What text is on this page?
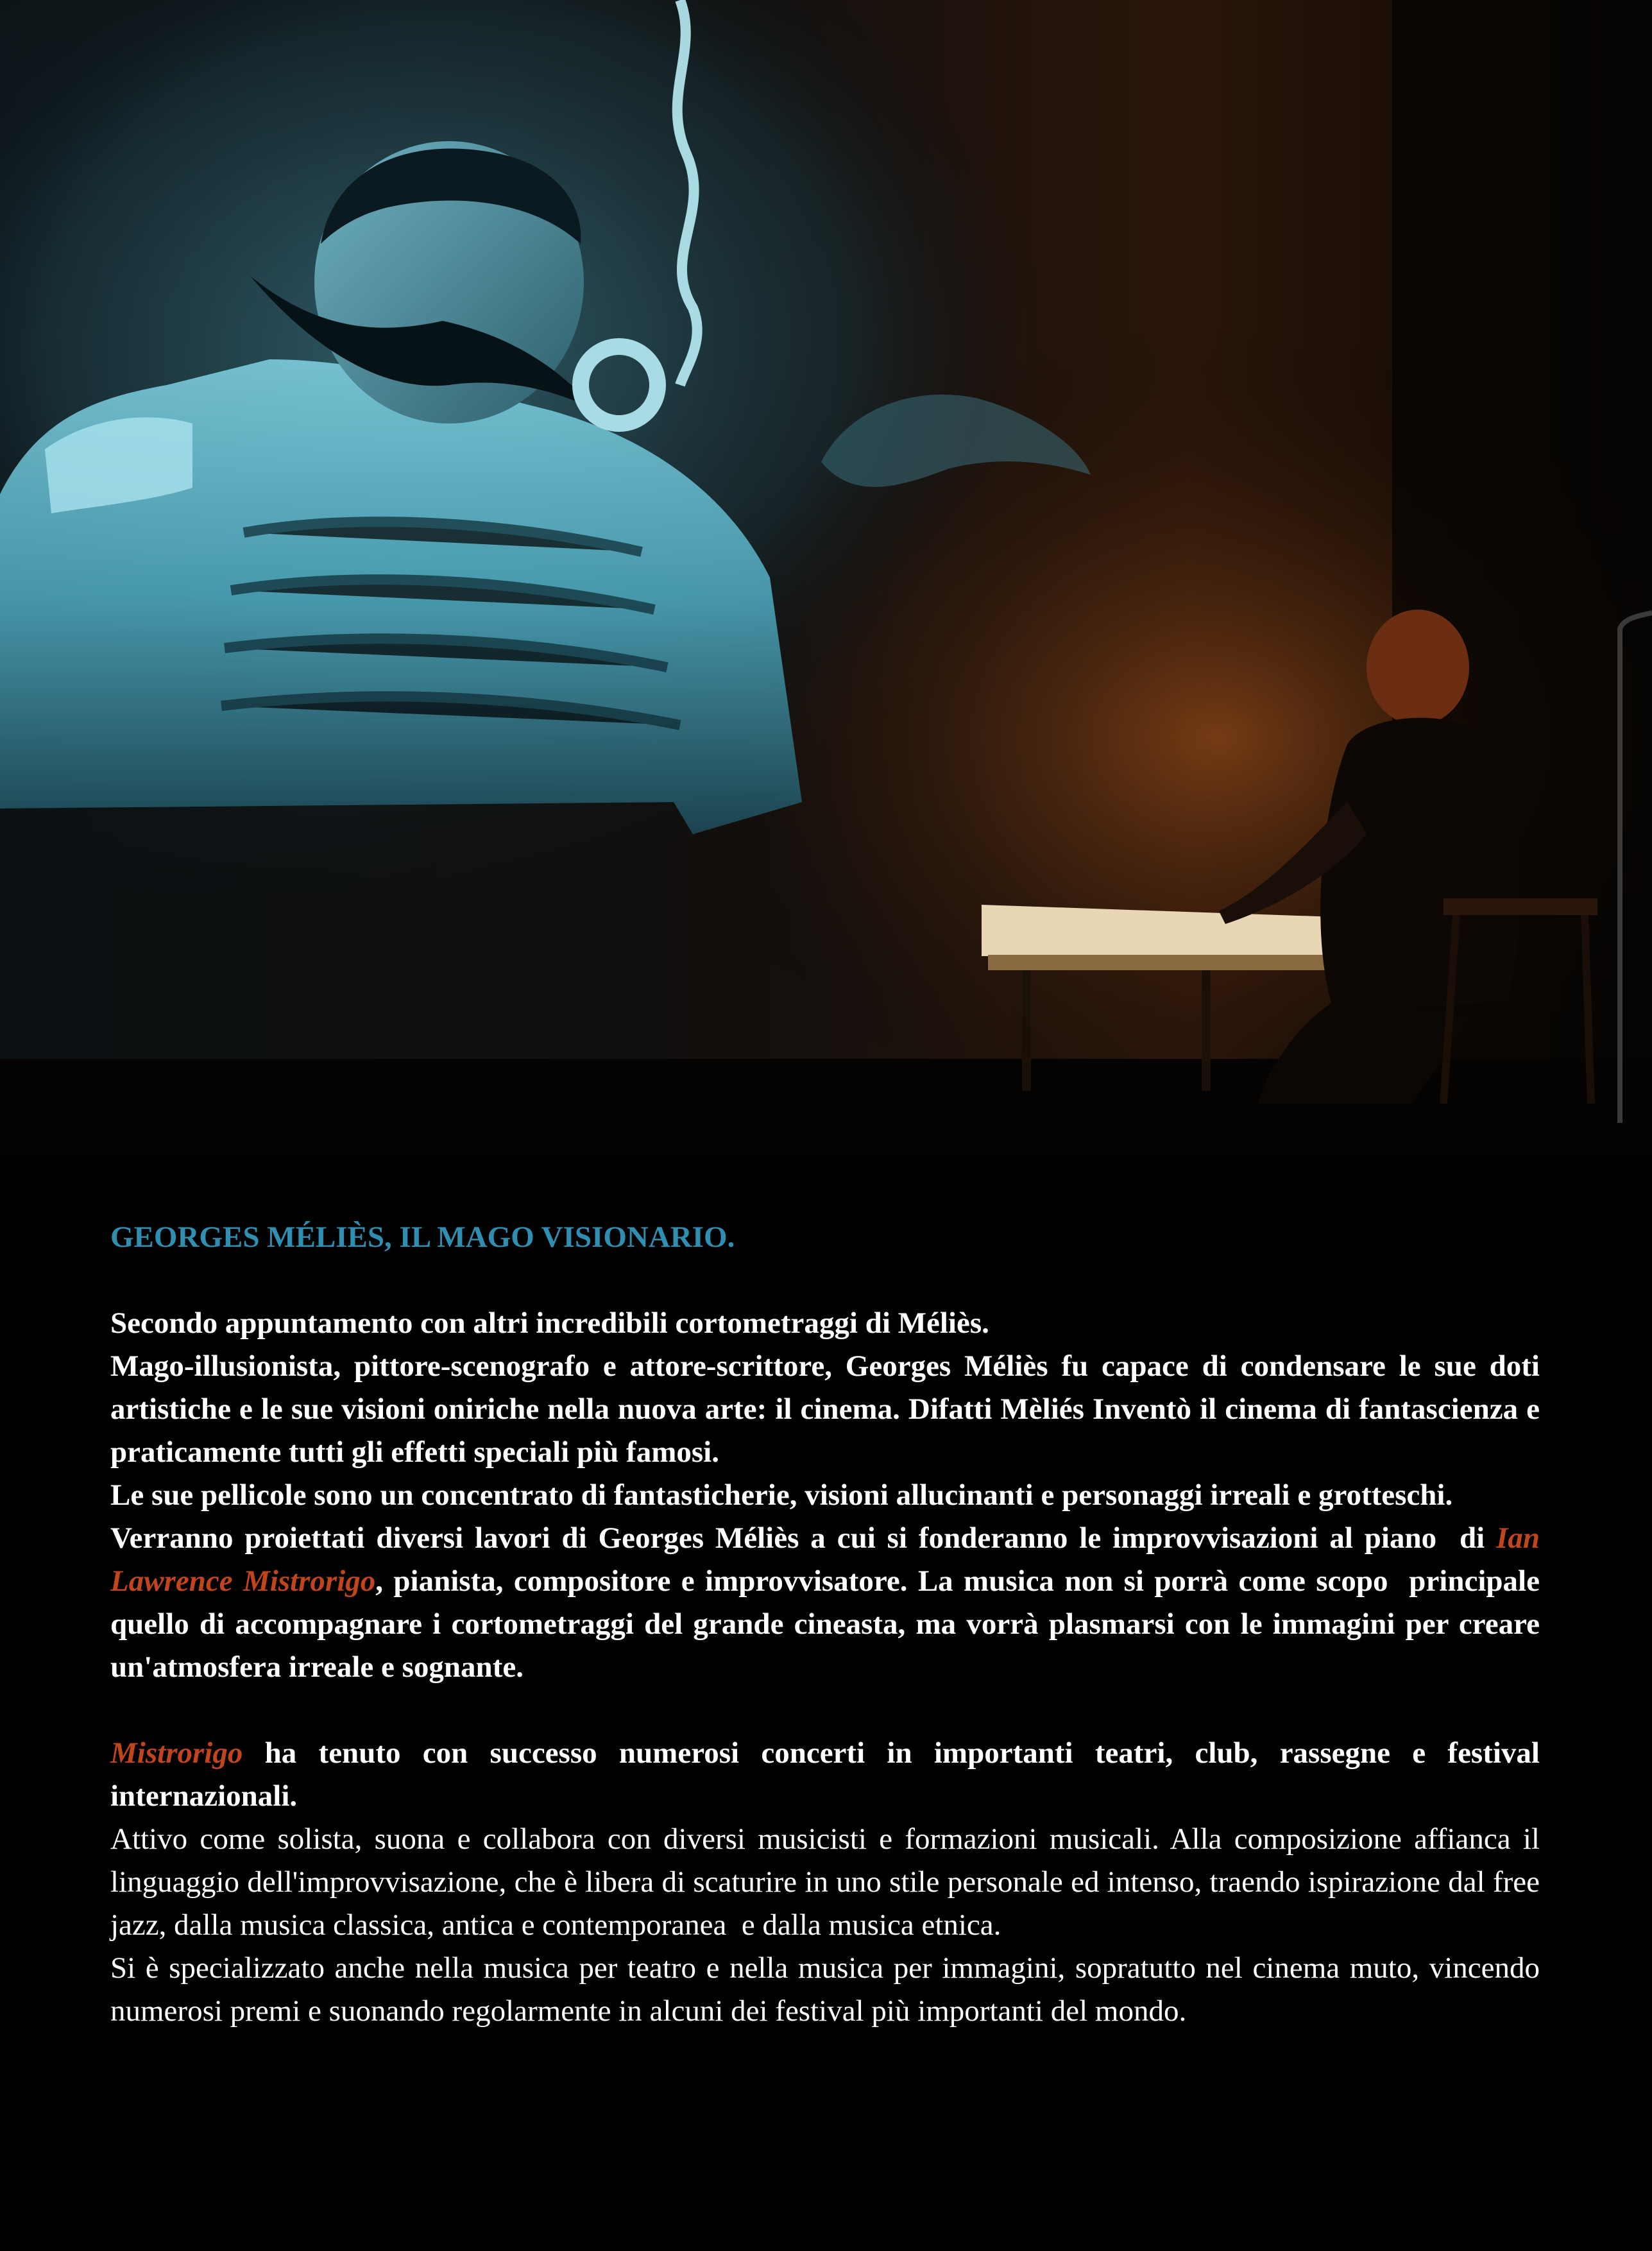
GEORGES MÉLIÈS, IL MAGO VISIONARIO.

Secondo appuntamento con altri incredibili cortometraggi di Méliès.

Mago-illusionista, pittore-scenografo e attore-scrittore, Georges Méliès fu capace di condensare le sue doti artistiche e le sue visioni oniriche nella nuova arte: il cinema. Difatti Mèliés Inventò il cinema di fantascienza e praticamente tutti gli effetti speciali più famosi.

Le sue pellicole sono un concentrato di fantasticherie, visioni allucinanti e personaggi irreali e grotteschi.

Verranno proiettati diversi lavori di Georges Méliès a cui si fonderanno le improvvisazioni al piano  di Ian Lawrence Mistrorigo, pianista, compositore e improvvisatore. La musica non si porrà come scopo  principale quello di accompagnare i cortometraggi del grande cineasta, ma vorrà plasmarsi con le immagini per creare un'atmosfera irreale e sognante.

Mistrorigo ha tenuto con successo numerosi concerti in importanti teatri, club, rassegne e festival internazionali.

Attivo come solista, suona e collabora con diversi musicisti e formazioni musicali. Alla composizione affianca il linguaggio dell'improvvisazione, che è libera di scaturire in uno stile personale ed intenso, traendo ispirazione dal free jazz, dalla musica classica, antica e contemporanea  e dalla musica etnica.

Si è specializzato anche nella musica per teatro e nella musica per immagini, sopratutto nel cinema muto, vincendo numerosi premi e suonando regolarmente in alcuni dei festival più importanti del mondo.
